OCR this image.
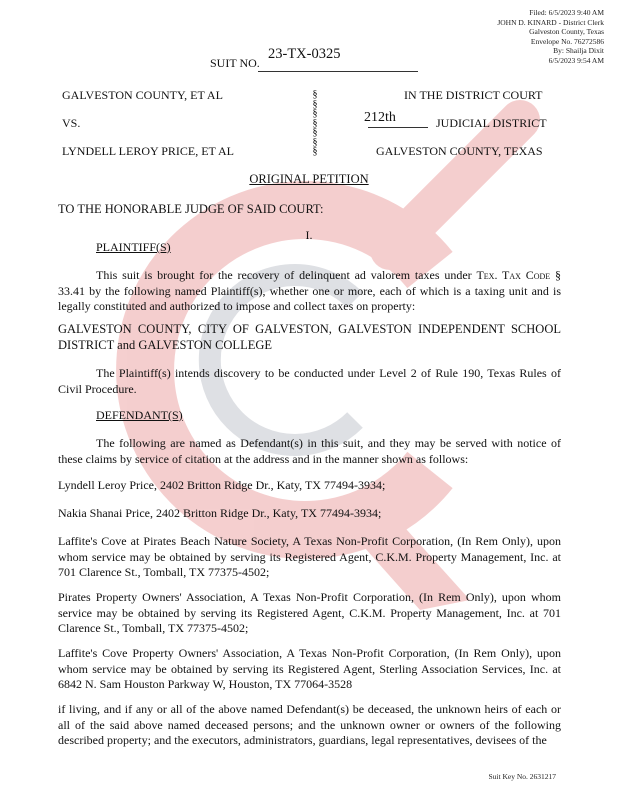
Filed: 6/5/2023 9:40 AM
JOHN D. KINARD - District Clerk
Galveston County, Texas
Envelope No. 76272586
By: Shailja Dixit
6/5/2023 9:54 AM
SUIT NO.
23-TX-0325
GALVESTON COUNTY, ET AL
VS.
LYNDELL LEROY PRICE, ET AL
§
§
§
§
§
§
§
IN THE DISTRICT COURT
212th	JUDICIAL DISTRICT
GALVESTON COUNTY, TEXAS
ORIGINAL PETITION
TO THE HONORABLE JUDGE OF SAID COURT:
I.
PLAINTIFF(S)
This suit is brought for the recovery of delinquent ad valorem taxes under Tex. Tax Code § 33.41 by the following named Plaintiff(s), whether one or more, each of which is a taxing unit and is legally constituted and authorized to impose and collect taxes on property:
GALVESTON COUNTY, CITY OF GALVESTON, GALVESTON INDEPENDENT SCHOOL DISTRICT and GALVESTON COLLEGE
The Plaintiff(s) intends discovery to be conducted under Level 2 of Rule 190, Texas Rules of Civil Procedure.
DEFENDANT(S)
The following are named as Defendant(s) in this suit, and they may be served with notice of these claims by service of citation at the address and in the manner shown as follows:
Lyndell Leroy Price, 2402 Britton Ridge Dr., Katy, TX 77494-3934;
Nakia Shanai Price, 2402 Britton Ridge Dr., Katy, TX 77494-3934;
Laffite's Cove at Pirates Beach Nature Society, A Texas Non-Profit Corporation, (In Rem Only), upon whom service may be obtained by serving its Registered Agent, C.K.M. Property Management, Inc. at 701 Clarence St., Tomball, TX 77375-4502;
Pirates Property Owners' Association, A Texas Non-Profit Corporation, (In Rem Only), upon whom service may be obtained by serving its Registered Agent, C.K.M. Property Management, Inc. at 701 Clarence St., Tomball, TX 77375-4502;
Laffite's Cove Property Owners' Association, A Texas Non-Profit Corporation, (In Rem Only), upon whom service may be obtained by serving its Registered Agent, Sterling Association Services, Inc. at 6842 N. Sam Houston Parkway W, Houston, TX 77064-3528
if living, and if any or all of the above named Defendant(s) be deceased, the unknown heirs of each or all of the said above named deceased persons; and the unknown owner or owners of the following described property; and the executors, administrators, guardians, legal representatives, devisees of the
Suit Key No. 2631217
